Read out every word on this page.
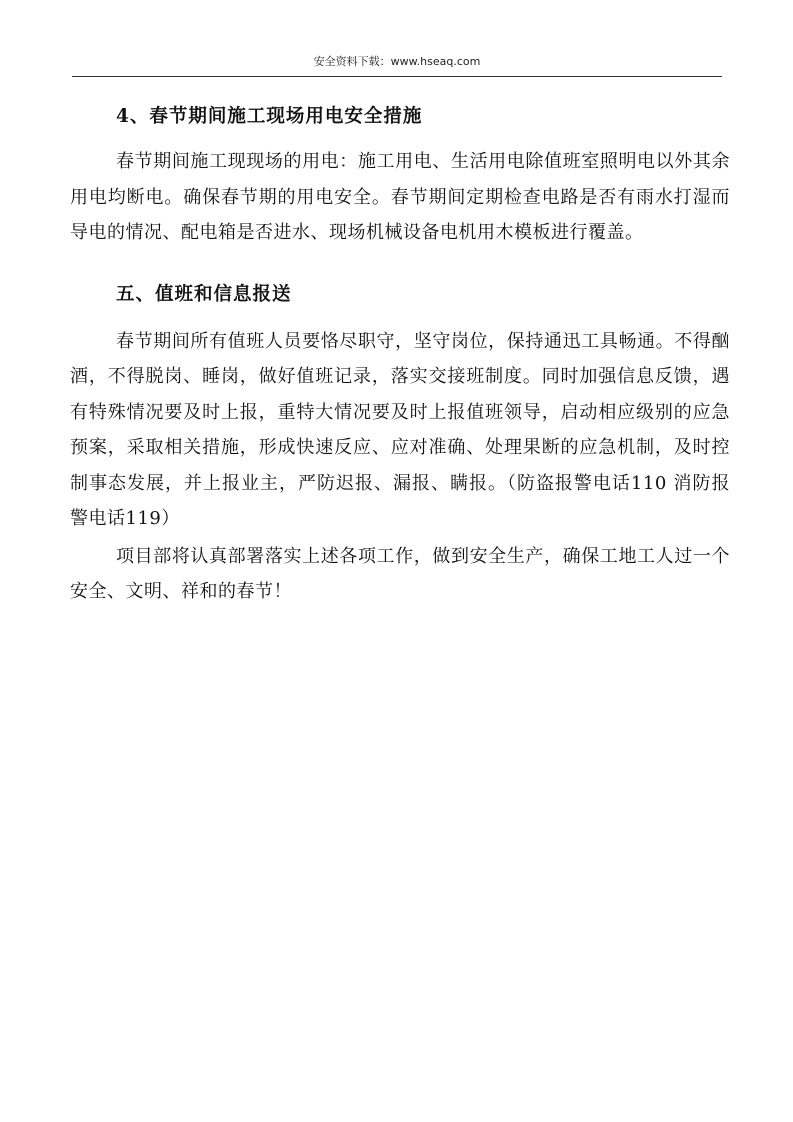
安全资料下载：www.hseaq.com
4、春节期间施工现场用电安全措施

春节期间施工现现场的用电：施工用电、生活用电除值班室照明电以外其余用电均断电。确保春节期的用电安全。春节期间定期检查电路是否有雨水打湿而导电的情况、配电箱是否进水、现场机械设备电机用木模板进行覆盖。

五、值班和信息报送

春节期间所有值班人员要恪尽职守，坚守岗位，保持通迅工具畅通。不得酗酒，不得脱岗、睡岗，做好值班记录，落实交接班制度。同时加强信息反馈，遇有特殊情况要及时上报，重特大情况要及时上报值班领导，启动相应级别的应急预案，采取相关措施，形成快速反应、应对准确、处理果断的应急机制，及时控制事态发展，并上报业主，严防迟报、漏报、瞒报。（防盗报警电话110 消防报警电话119）

项目部将认真部署落实上述各项工作，做到安全生产，确保工地工人过一个安全、文明、祥和的春节！
